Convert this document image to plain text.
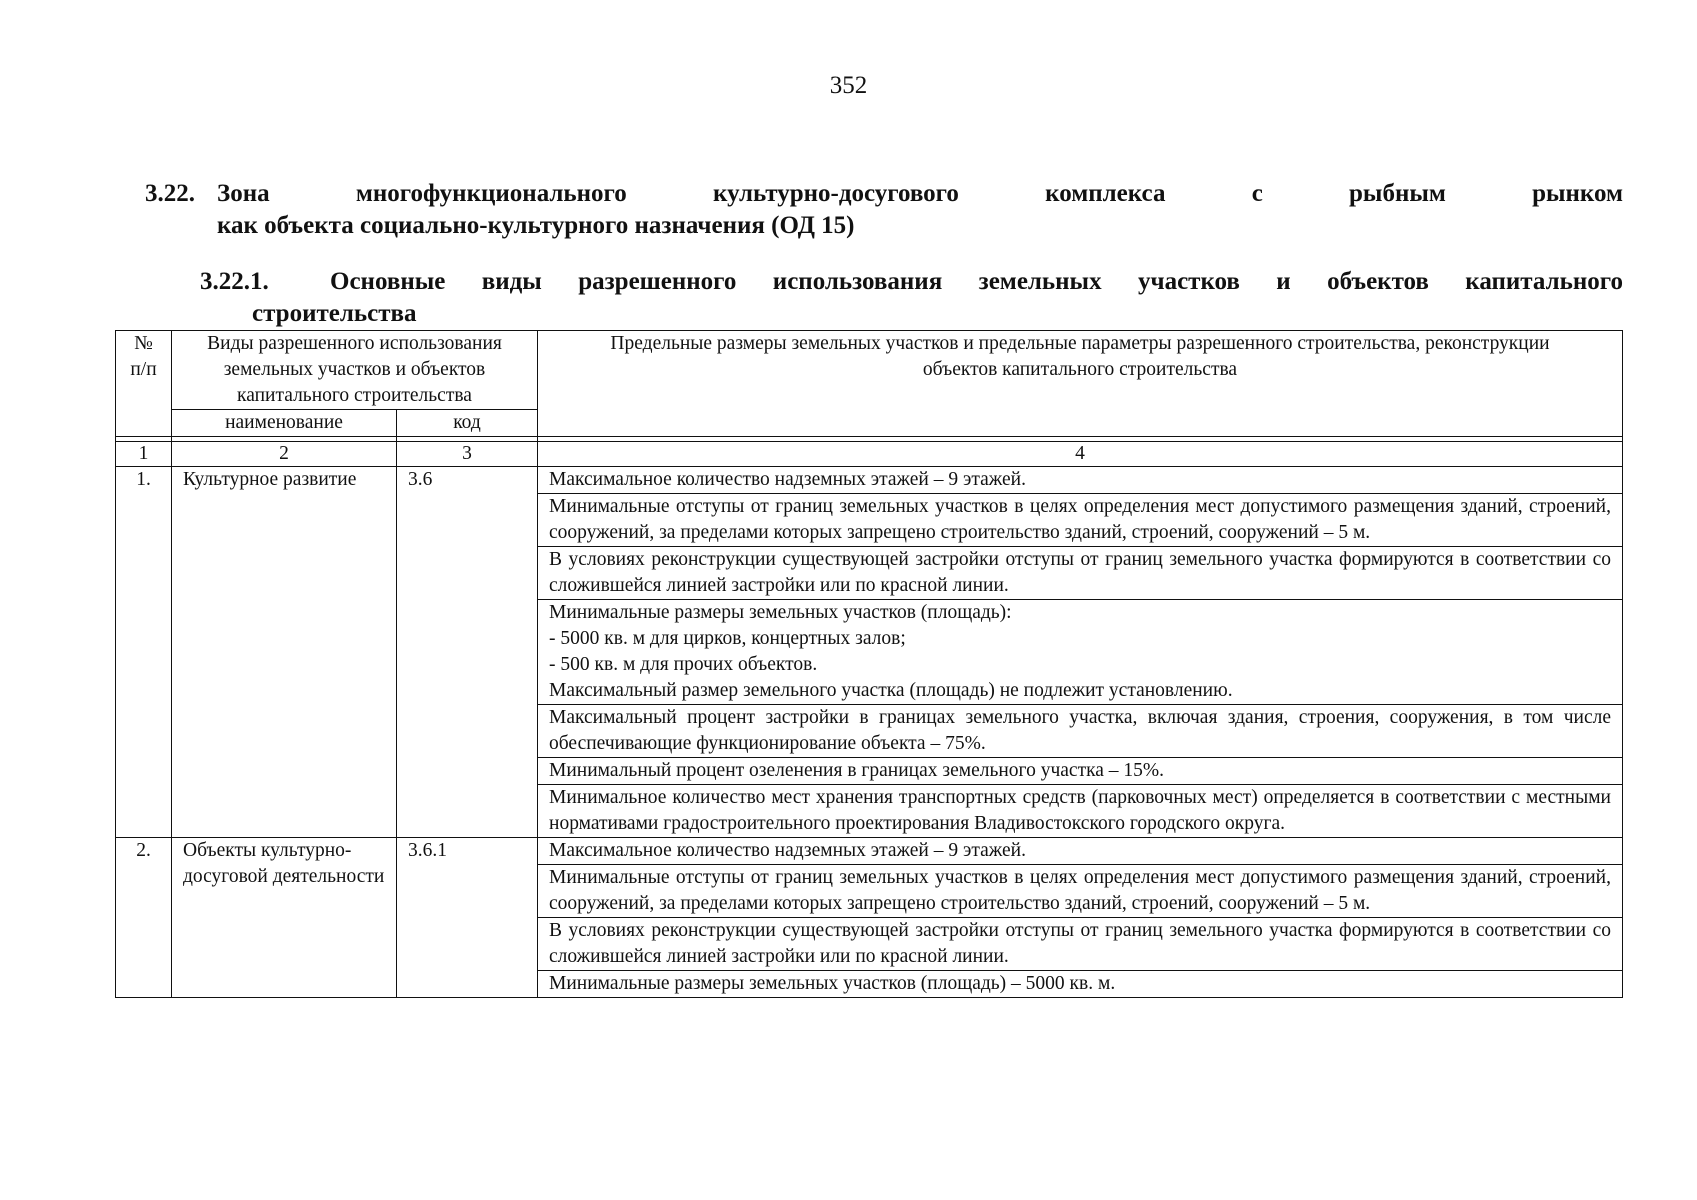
352
3.22. Зона	многофункционального	культурно-досугового	комплекса	с	рыбным	рынком
как объекта социально-культурного назначения (ОД 15)
3.22.1. Основные виды разрешенного использования земельных участков и объектов капитального
строительства
№ п/п	Виды разрешенного использования земельных участков и объектов капитального строительства		Предельные размеры земельных участков и предельные параметры разрешенного строительства, реконструкции объектов капитального строительства
	наименование	код	

1	2	3	4
1.	Культурное развитие	3.6	Максимальное количество надземных этажей – 9 этажей.
			Минимальные отступы от границ земельных участков в целях определения мест допустимого размещения зданий, строений, сооружений, за пределами которых запрещено строительство зданий, строений, сооружений – 5 м.
			В условиях реконструкции существующей застройки отступы от границ земельного участка формируются в соответствии со сложившейся линией застройки или по красной линии.
			Минимальные размеры земельных участков (площадь):
- 5000 кв. м для цирков, концертных залов;
- 500 кв. м для прочих объектов.
Максимальный размер земельного участка (площадь) не подлежит установлению.
			Максимальный процент застройки в границах земельного участка, включая здания, строения, сооружения, в том числе обеспечивающие функционирование объекта – 75%.
			Минимальный процент озеленения в границах земельного участка – 15%.
			Минимальное количество мест хранения транспортных средств (парковочных мест) определяется в соответствии с местными нормативами градостроительного проектирования Владивостокского городского округа.
2.	Объекты культурно-досуговой деятельности	3.6.1	Максимальное количество надземных этажей – 9 этажей.
			Минимальные отступы от границ земельных участков в целях определения мест допустимого размещения зданий, строений, сооружений, за пределами которых запрещено строительство зданий, строений, сооружений – 5 м.
			В условиях реконструкции существующей застройки отступы от границ земельного участка формируются в соответствии со сложившейся линией застройки или по красной линии.
			Минимальные размеры земельных участков (площадь) – 5000 кв. м.
